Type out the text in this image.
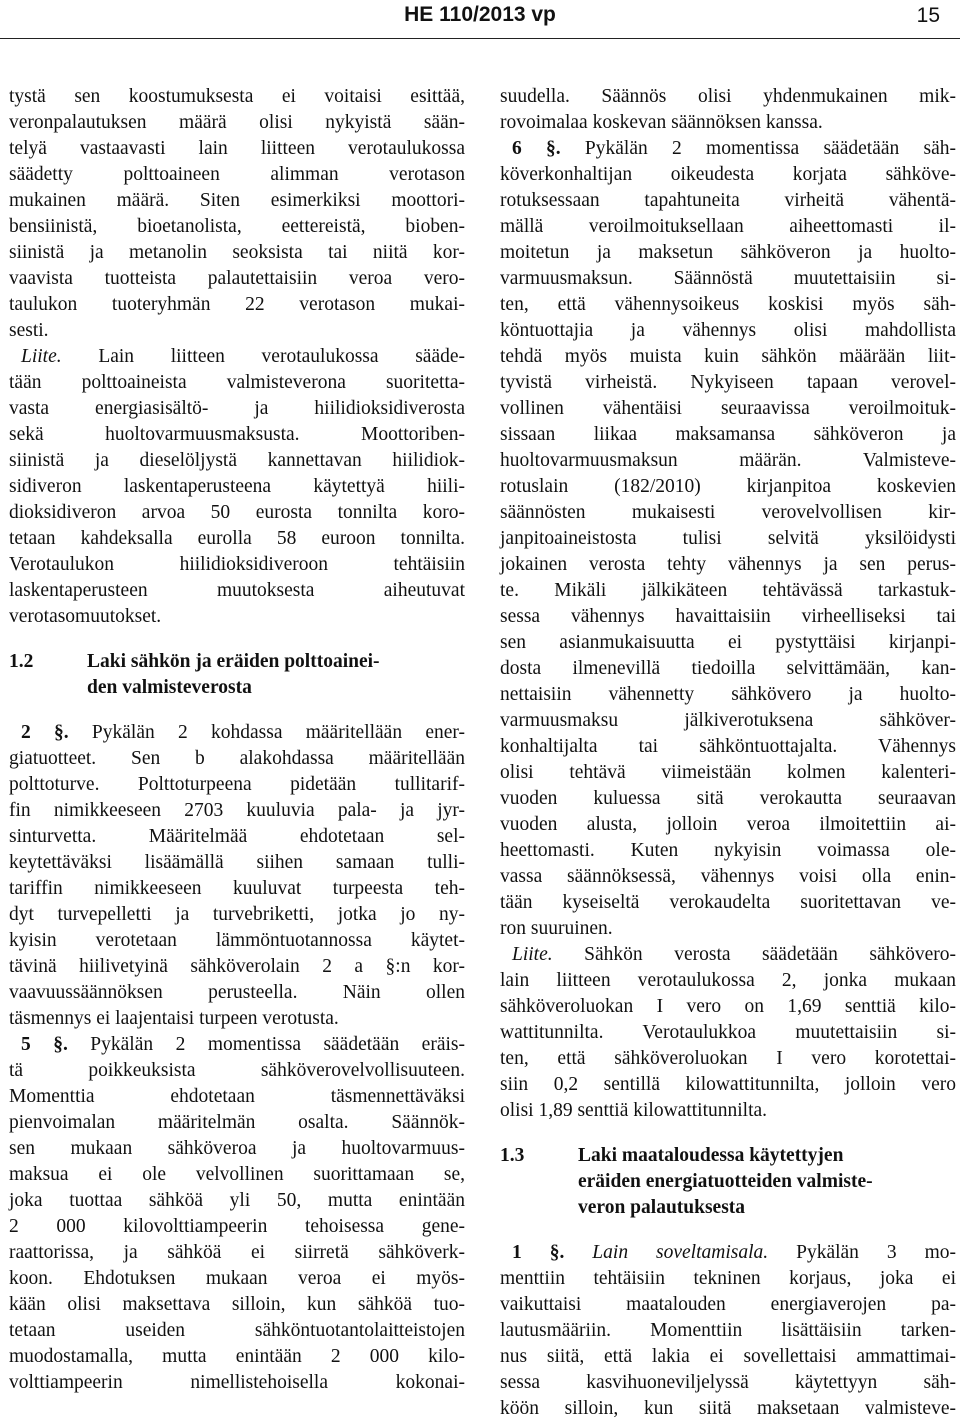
HE 110/2013 vp	15
tystä sen koostumuksesta ei voitaisi esittää,
veronpalautuksen määrä olisi nykyistä sään-
telyä vastaavasti lain liitteen verotaulukossa
säädetty polttoaineen alimman verotason
mukainen määrä. Siten esimerkiksi moottori-
bensiinistä, bioetanolista, eettereistä, bioben-
siinistä ja metanolin seoksista tai niitä kor-
vaavista tuotteista palautettaisiin veroa vero-
taulukon tuoteryhmän 22 verotason mukai-
sesti.
Liite. Lain liitteen verotaulukossa sääde-
tään polttoaineista valmisteverona suoritetta-
vasta energiasisältö- ja hiilidioksidiverosta
sekä huoltovarmuusmaksusta. Moottoriben-
siinistä ja dieselöljystä kannettavan hiilidiok-
sidiveron laskentaperusteena käytettyä hiili-
dioksidiveron arvoa 50 eurosta tonnilta koro-
tetaan kahdeksalla eurolla 58 euroon tonnilta.
Verotaulukon hiilidioksidiveroon tehtäisiin
laskentaperusteen muutoksesta aiheutuvat
verotasomuutokset.
1.2	Laki sähkön ja eräiden polttoainei-
den valmisteverosta
2 §. Pykälän 2 kohdassa määritellään ener-
giatuotteet. Sen b alakohdassa määritellään
polttoturve. Polttoturpeena pidetään tullitarif-
fin nimikkeeseen 2703 kuuluvia pala- ja jyr-
sinturvetta. Määritelmää ehdotetaan sel-
keytettäväksi lisäämällä siihen samaan tulli-
tariffin nimikkeeseen kuuluvat turpeesta teh-
dyt turvepelletti ja turvebriketti, jotka jo ny-
kyisin verotetaan lämmöntuotannossa käytet-
tävinä hiilivetyinä sähköverolain 2 a §:n kor-
vaavuussäännöksen perusteella. Näin ollen
täsmennys ei laajentaisi turpeen verotusta.
5 §. Pykälän 2 momentissa säädetään eräis-
tä poikkeuksista sähköverovelvollisuuteen.
Momenttia ehdotetaan täsmennettäväksi
pienvoimalan määritelmän osalta. Säännök-
sen mukaan sähköveroa ja huoltovarmuus-
maksua ei ole velvollinen suorittamaan se,
joka tuottaa sähköä yli 50, mutta enintään
2 000 kilovolttiampeerin tehoisessa gene-
raattorissa, ja sähköä ei siirretä sähköverk-
koon. Ehdotuksen mukaan veroa ei myös-
kään olisi maksettava silloin, kun sähköä tuo-
tetaan useiden sähköntuotantolaitteistojen
muodostamalla, mutta enintään 2 000 kilo-
volttiampeerin nimellistehoisella kokonai-
suudella. Säännös olisi yhdenmukainen mik-
rovoimalaa koskevan säännöksen kanssa.
6 §. Pykälän 2 momentissa säädetään säh-
köverkonhaltijan oikeudesta korjata sähköve-
rotuksessaan tapahtuneita virheitä vähentä-
mällä veroilmoituksellaan aiheettomasti il-
moitetun ja maksetun sähköveron ja huolto-
varmuusmaksun. Säännöstä muutettaisiin si-
ten, että vähennysoikeus koskisi myös säh-
köntuottajia ja vähennys olisi mahdollista
tehdä myös muista kuin sähkön määrään liit-
tyvistä virheistä. Nykyiseen tapaan verovel-
vollinen vähentäisi seuraavissa veroilmoituk-
sissaan liikaa maksamansa sähköveron ja
huoltovarmuusmaksun määrän. Valmisteve-
rotuslain (182/2010) kirjanpitoa koskevien
säännösten mukaisesti verovelvollisen kir-
janpitoaineistosta tulisi selvitä yksilöidysti
jokainen verosta tehty vähennys ja sen perus-
te. Mikäli jälkikäteen tehtävässä tarkastuk-
sessa vähennys havaittaisiin virheelliseksi tai
sen asianmukaisuutta ei pystyttäisi kirjanpi-
dosta ilmenevillä tiedoilla selvittämään, kan-
nettaisiin vähennetty sähkövero ja huolto-
varmuusmaksu jälkiverotuksena sähköver-
konhaltijalta tai sähköntuottajalta. Vähennys
olisi tehtävä viimeistään kolmen kalenteri-
vuoden kuluessa sitä verokautta seuraavan
vuoden alusta, jolloin veroa ilmoitettiin ai-
heettomasti. Kuten nykyisin voimassa ole-
vassa säännöksessä, vähennys voisi olla enin-
tään kyseiseltä verokaudelta suoritettavan ve-
ron suuruinen.
Liite. Sähkön verosta säädetään sähkövero-
lain liitteen verotaulukossa 2, jonka mukaan
sähköveroluokan I vero on 1,69 senttiä kilo-
wattitunnilta. Verotaulukkoa muutettaisiin si-
ten, että sähköveroluokan I vero korotettai-
siin 0,2 sentillä kilowattitunnilta, jolloin vero
olisi 1,89 senttiä kilowattitunnilta.
1.3	Laki maataloudessa käytettyjen
eräiden energiatuotteiden valmiste-
veron palautuksesta
1 §. Lain soveltamisala. Pykälän 3 mo-
menttiin tehtäisiin tekninen korjaus, joka ei
vaikuttaisi maatalouden energiaverojen pa-
lautusmääriin. Momenttiin lisättäisiin tarken-
nus siitä, että lakia ei sovellettaisi ammattimai-
sessa kasvihuoneviljelyssä käytettyyn säh-
köön silloin, kun siitä maksetaan valmisteve-
